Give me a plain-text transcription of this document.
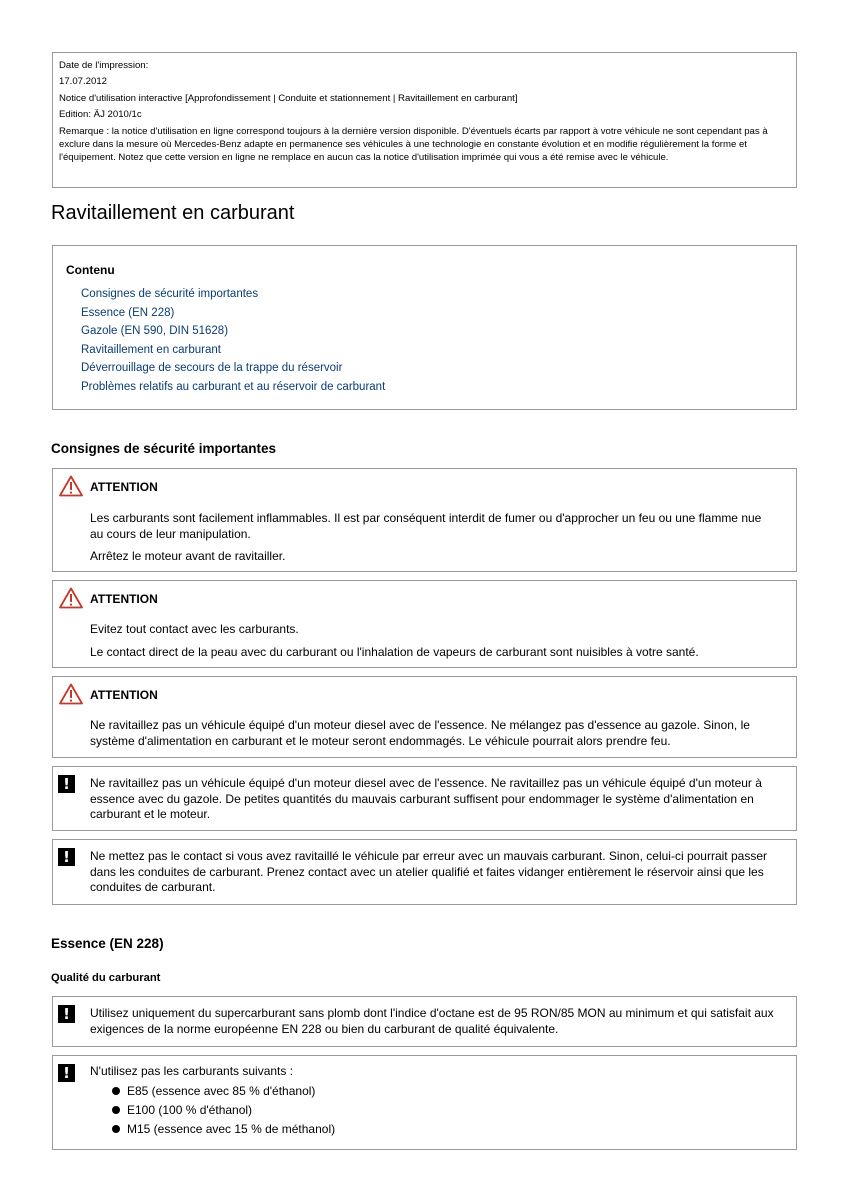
Date de l'impression:
17.07.2012
Notice d'utilisation interactive [Approfondissement | Conduite et stationnement | Ravitaillement en carburant]
Edition: ÄJ 2010/1c
Remarque : la notice d'utilisation en ligne correspond toujours à la dernière version disponible. D'éventuels écarts par rapport à votre véhicule ne sont cependant pas à exclure dans la mesure où Mercedes-Benz adapte en permanence ses véhicules à une technologie en constante évolution et en modifie régulièrement la forme et l'équipement. Notez que cette version en ligne ne remplace en aucun cas la notice d'utilisation imprimée qui vous a été remise avec le véhicule.
Ravitaillement en carburant
Contenu
Consignes de sécurité importantes
Essence (EN 228)
Gazole (EN 590, DIN 51628)
Ravitaillement en carburant
Déverrouillage de secours de la trappe du réservoir
Problèmes relatifs au carburant et au réservoir de carburant
Consignes de sécurité importantes
ATTENTION

Les carburants sont facilement inflammables. Il est par conséquent interdit de fumer ou d'approcher un feu ou une flamme nue au cours de leur manipulation.

Arrêtez le moteur avant de ravitailler.

ATTENTION

Evitez tout contact avec les carburants.

Le contact direct de la peau avec du carburant ou l'inhalation de vapeurs de carburant sont nuisibles à votre santé.

ATTENTION

Ne ravitaillez pas un véhicule équipé d'un moteur diesel avec de l'essence. Ne mélangez pas d'essence au gazole. Sinon, le système d'alimentation en carburant et le moteur seront endommagés. Le véhicule pourrait alors prendre feu.

!	Ne ravitaillez pas un véhicule équipé d'un moteur diesel avec de l'essence. Ne ravitaillez pas un véhicule équipé d'un moteur à essence avec du gazole. De petites quantités du mauvais carburant suffisent pour endommager le système d'alimentation en carburant et le moteur.

!	Ne mettez pas le contact si vous avez ravitaillé le véhicule par erreur avec un mauvais carburant. Sinon, celui-ci pourrait passer dans les conduites de carburant. Prenez contact avec un atelier qualifié et faites vidanger entièrement le réservoir ainsi que les conduites de carburant.

Essence (EN 228)
Qualité du carburant
!	Utilisez uniquement du supercarburant sans plomb dont l'indice d'octane est de 95 RON/85 MON au minimum et qui satisfait aux exigences de la norme européenne EN 228 ou bien du carburant de qualité équivalente.

!	N'utilisez pas les carburants suivants :

E85 (essence avec 85 % d'éthanol)
E100 (100 % d'éthanol)
M15 (essence avec 15 % de méthanol)
